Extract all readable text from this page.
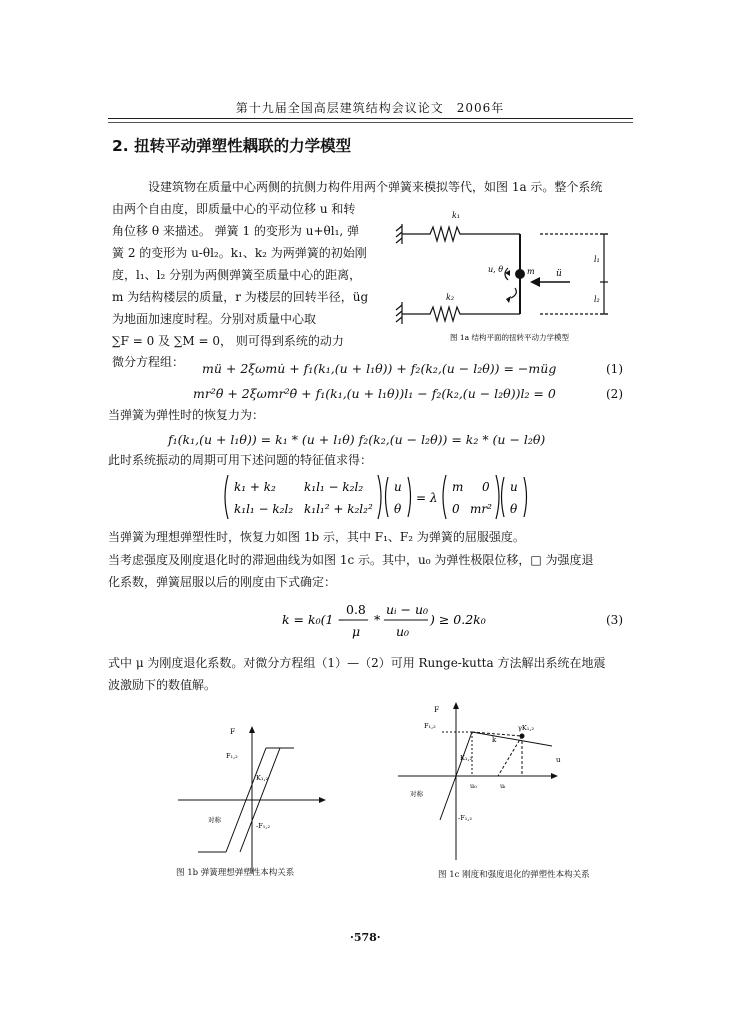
第十九届全国高层建筑结构会议论文　2006年
2. 扭转平动弹塑性耦联的力学模型
设建筑物在质量中心两侧的抗侧力构件用两个弹簧来模拟等代，如图 1a 示。整个系统
由两个自由度，即质量中心的平动位移 u 和转
角位移 θ 来描述。 弹簧 1 的变形为 u+θl₁, 弹
簧 2 的变形为 u-θl₂。k₁、k₂ 为两弹簧的初始刚
度，l₁、l₂ 分别为两侧弹簧至质量中心的距离，
m 为结构楼层的质量，r 为楼层的回转半径，üg
为地面加速度时程。分别对质量中心取
∑F = 0 及 ∑M = 0， 则可得到系统的动力
微分方程组：
k₁
k₂
u, θ	m ü
l₁
l₂
图 1a 结构平面的扭转平动力学模型
mü + 2ξωmu̇ + f₁(k₁,(u + l₁θ)) + f₂(k₂,(u − l₂θ)) = −müg	(1)
mr²θ̈ + 2ξωmr²θ̇ + f₁(k₁,(u + l₁θ))l₁ − f₂(k₂,(u − l₂θ))l₂ = 0	(2)
当弹簧为弹性时的恢复力为：
f₁(k₁,(u + l₁θ)) = k₁ * (u + l₁θ) f₂(k₂,(u − l₂θ)) = k₂ * (u − l₂θ)
此时系统振动的周期可用下述问题的特征值求得：
k₁ + k₂ k₁l₁ − k₂l₂
k₁l₁ − k₂l₂ k₁l₁² + k₂l₂²
u
θ
= λ
m 0
0 mr²
u
θ
当弹簧为理想弹塑性时，恢复力如图 1b 示，其中 F₁、F₂ 为弹簧的屈服强度。
当考虑强度及刚度退化时的滞迴曲线为如图 1c 示。其中，u₀ 为弹性极限位移，□ 为强度退
化系数，弹簧屈服以后的刚度由下式确定：
k = k₀(1 −
0.8
μ
*
uᵢ − u₀
u₀
) ≥ 0.2k₀	(3)
式中 μ 为刚度退化系数。对微分方程组（1）—（2）可用 Runge-kutta 方法解出系统在地震
波激励下的数值解。
F
F₁,₂
K₁,₂
对称
-F₁,₂
图 1b 弹簧理想弹塑性本构关系
F
F₁,₂
k
γK₁,₂
K₁,₂	u
u₀	uᵢ
对称
-F₁,₂
图 1c 刚度和强度退化的弹塑性本构关系
·578·
